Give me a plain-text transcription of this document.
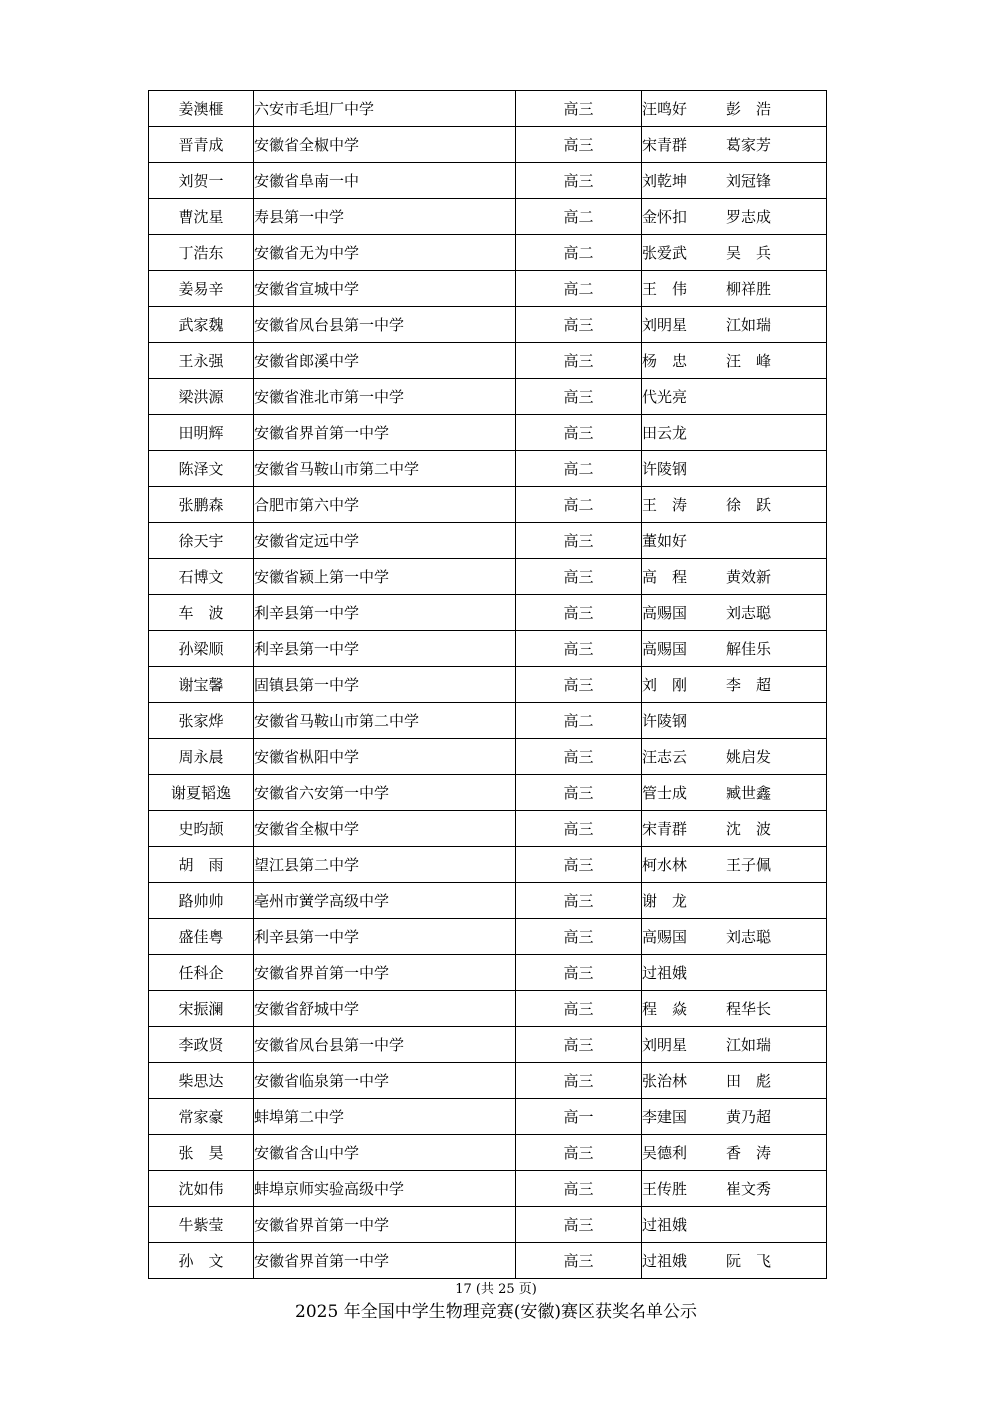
姜澳榧	六安市毛坦厂中学	高三	汪鸣好 彭　浩
晋青成	安徽省全椒中学	高三	宋青群 葛家芳
刘贺一	安徽省阜南一中	高三	刘乾坤 刘冠锋
曹沈星	寿县第一中学	高二	金怀扣 罗志成
丁浩东	安徽省无为中学	高二	张爱武 吴　兵
姜易辛	安徽省宣城中学	高二	王　伟 柳祥胜
武家魏	安徽省凤台县第一中学	高三	刘明星 江如瑞
王永强	安徽省郎溪中学	高三	杨　忠 汪　峰
梁洪源	安徽省淮北市第一中学	高三	代光亮
田明辉	安徽省界首第一中学	高三	田云龙
陈泽文	安徽省马鞍山市第二中学	高二	许陵钢
张鹏森	合肥市第六中学	高二	王　涛 徐　跃
徐天宇	安徽省定远中学	高三	董如好
石博文	安徽省颍上第一中学	高三	高　程 黄效新
车　波	利辛县第一中学	高三	高赐国 刘志聪
孙梁顺	利辛县第一中学	高三	高赐国 解佳乐
谢宝馨	固镇县第一中学	高三	刘　刚 李　超
张家烨	安徽省马鞍山市第二中学	高二	许陵钢
周永晨	安徽省枞阳中学	高三	汪志云 姚启发
谢夏韬逸	安徽省六安第一中学	高三	管士成 臧世鑫
史昀颉	安徽省全椒中学	高三	宋青群 沈　波
胡　雨	望江县第二中学	高三	柯水林 王子佩
路帅帅	亳州市黉学高级中学	高三	谢　龙
盛佳粤	利辛县第一中学	高三	高赐国 刘志聪
任科企	安徽省界首第一中学	高三	过祖娥
宋振澜	安徽省舒城中学	高三	程　焱 程华长
李政贤	安徽省凤台县第一中学	高三	刘明星 江如瑞
柴思达	安徽省临泉第一中学	高三	张治林 田　彪
常家豪	蚌埠第二中学	高一	李建国 黄乃超
张　昊	安徽省含山中学	高三	吴德利 香　涛
沈如伟	蚌埠京师实验高级中学	高三	王传胜 崔文秀
牛紫莹	安徽省界首第一中学	高三	过祖娥
孙　文	安徽省界首第一中学	高三	过祖娥 阮　飞
17 (共 25 页)
2025 年全国中学生物理竞赛(安徽)赛区获奖名单公示
